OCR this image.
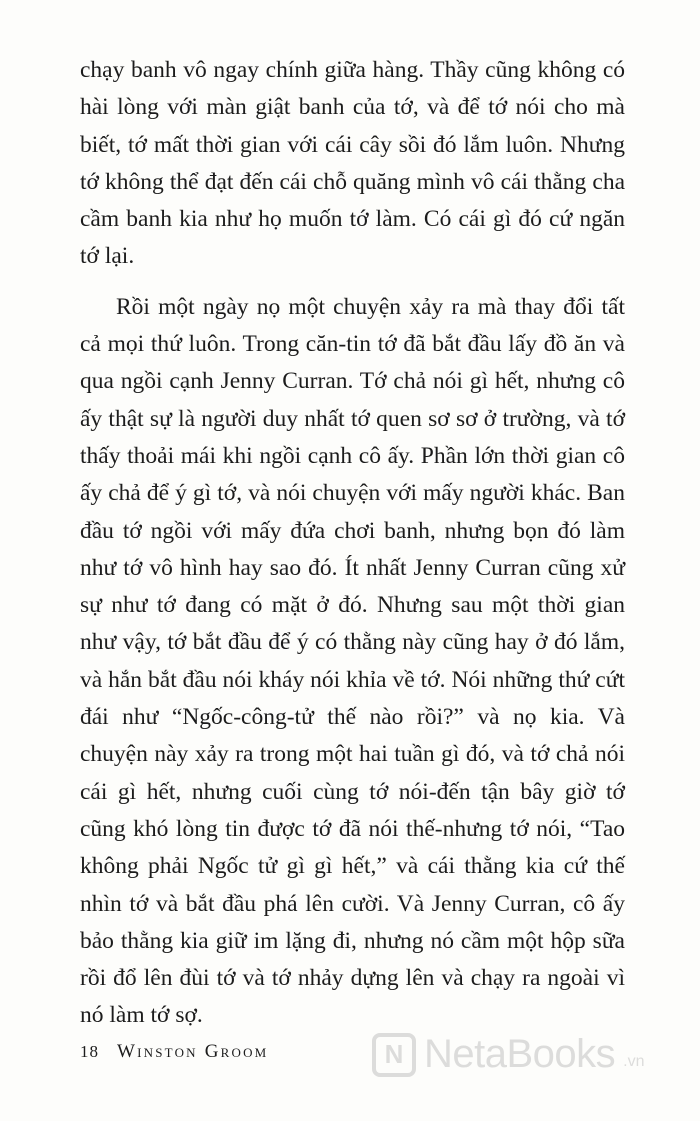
chạy banh vô ngay chính giữa hàng. Thầy cũng không có hài lòng với màn giật banh của tớ, và để tớ nói cho mà biết, tớ mất thời gian với cái cây sồi đó lắm luôn. Nhưng tớ không thể đạt đến cái chỗ quăng mình vô cái thằng cha cầm banh kia như họ muốn tớ làm. Có cái gì đó cứ ngăn tớ lại.

Rồi một ngày nọ một chuyện xảy ra mà thay đổi tất cả mọi thứ luôn. Trong căn-tin tớ đã bắt đầu lấy đồ ăn và qua ngồi cạnh Jenny Curran. Tớ chả nói gì hết, nhưng cô ấy thật sự là người duy nhất tớ quen sơ sơ ở trường, và tớ thấy thoải mái khi ngồi cạnh cô ấy. Phần lớn thời gian cô ấy chả để ý gì tớ, và nói chuyện với mấy người khác. Ban đầu tớ ngồi với mấy đứa chơi banh, nhưng bọn đó làm như tớ vô hình hay sao đó. Ít nhất Jenny Curran cũng xử sự như tớ đang có mặt ở đó. Nhưng sau một thời gian như vậy, tớ bắt đầu để ý có thằng này cũng hay ở đó lắm, và hắn bắt đầu nói kháy nói khỉa về tớ. Nói những thứ cứt đái như “Ngốc-công-tử thế nào rồi?” và nọ kia. Và chuyện này xảy ra trong một hai tuần gì đó, và tớ chả nói cái gì hết, nhưng cuối cùng tớ nói-đến tận bây giờ tớ cũng khó lòng tin được tớ đã nói thế-nhưng tớ nói, “Tao không phải Ngốc tử gì gì hết,” và cái thằng kia cứ thế nhìn tớ và bắt đầu phá lên cười. Và Jenny Curran, cô ấy bảo thằng kia giữ im lặng đi, nhưng nó cầm một hộp sữa rồi đổ lên đùi tớ và tớ nhảy dựng lên và chạy ra ngoài vì nó làm tớ sợ.

18 Winston Groom
N	NetaBooks .vn
